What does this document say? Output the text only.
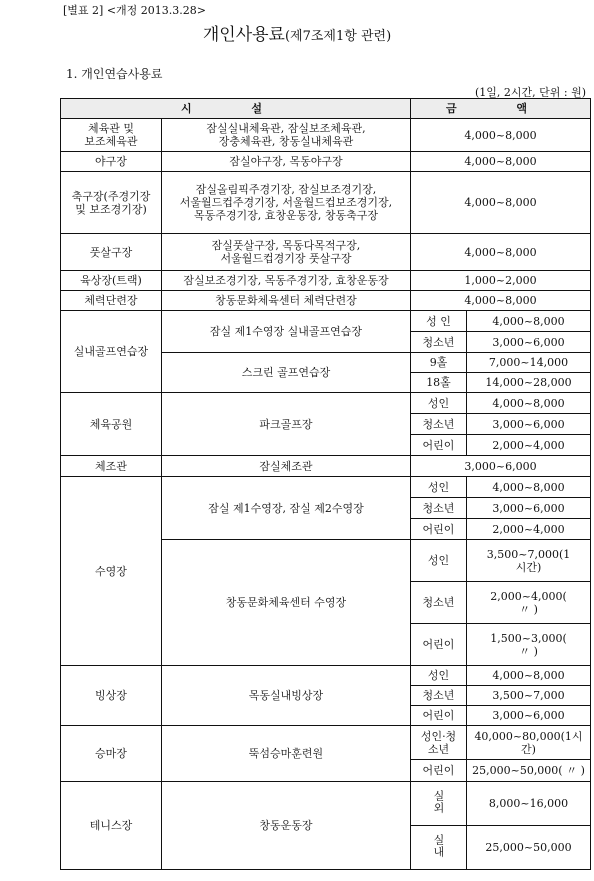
[별표 2] <개정 2013.3.28>
개인사용료(제7조제1항 관련)
1. 개인연습사용료
(1일, 2시간, 단위 : 원)
시 설		금 액	
체육관 및
보조체육관	잠실실내체육관, 잠실보조체육관,
장충체육관, 창동실내체육관	4,000~8,000	
야구장	잠실야구장, 목동야구장	4,000~8,000	
축구장(주경기장
및 보조경기장)	잠실올림픽주경기장, 잠실보조경기장,
서울월드컵주경기장, 서울월드컵보조경기장,
목동주경기장, 효창운동장, 창동축구장	4,000~8,000	
풋살구장	잠실풋살구장, 목동다목적구장,
서울월드컵경기장 풋살구장	4,000~8,000	
육상장(트랙)	잠실보조경기장, 목동주경기장, 효창운동장	1,000~2,000	
체력단련장	창동문화체육센터 체력단련장	4,000~8,000	
실내골프연습장	잠실 제1수영장 실내골프연습장	성 인	4,000~8,000
		청소년	3,000~6,000
	스크린 골프연습장	9홀	7,000~14,000
		18홀	14,000~28,000
체육공원	파크골프장	성인	4,000~8,000
		청소년	3,000~6,000
		어린이	2,000~4,000
체조관	잠실체조관	3,000~6,000	
수영장	잠실 제1수영장, 잠실 제2수영장	성인	4,000~8,000
		청소년	3,000~6,000
		어린이	2,000~4,000
	창동문화체육센터 수영장	성인	3,500~7,000(1
시간)
		청소년	2,000~4,000(
〃 )
		어린이	1,500~3,000(
〃 )
빙상장	목동실내빙상장	성인	4,000~8,000
		청소년	3,500~7,000
		어린이	3,000~6,000
승마장	뚝섬승마훈련원	성인·청
소년	40,000~80,000(1시간)
		어린이	25,000~50,000( 〃 )
테니스장	창동운동장	실외	8,000~16,000
		실내	25,000~50,000
